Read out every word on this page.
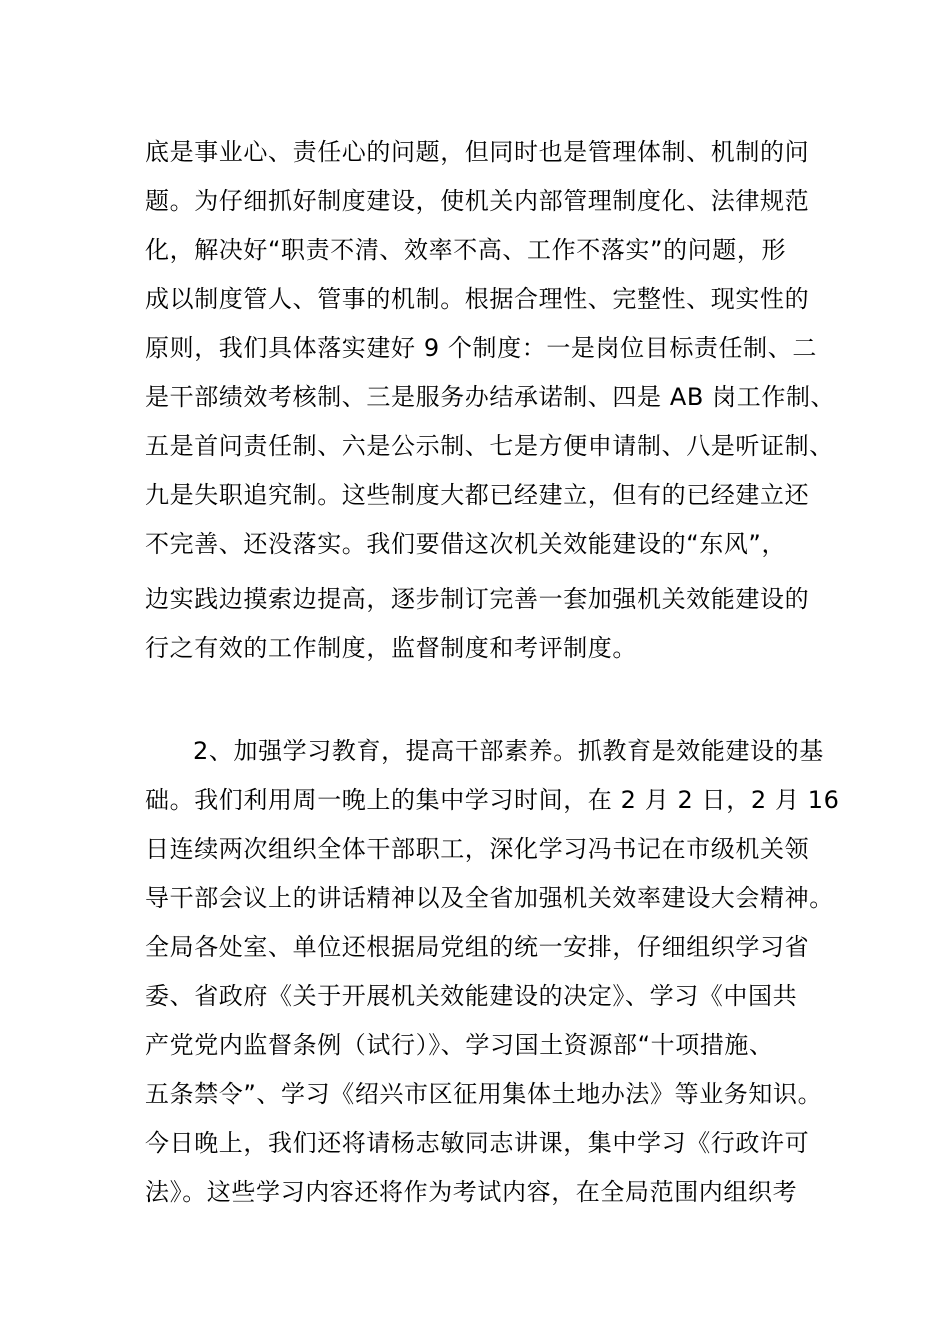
底是事业心、责任心的问题，但同时也是管理体制、机制的问
题。为仔细抓好制度建设，使机关内部管理制度化、法律规范
化，解决好“职责不清、效率不高、工作不落实”的问题，形
成以制度管人、管事的机制。根据合理性、完整性、现实性的
原则，我们具体落实建好 9 个制度：一是岗位目标责任制、二
是干部绩效考核制、三是服务办结承诺制、四是 AB 岗工作制、
五是首问责任制、六是公示制、七是方便申请制、八是听证制、
九是失职追究制。这些制度大都已经建立，但有的已经建立还
不完善、还没落实。我们要借这次机关效能建设的“东风”，
边实践边摸索边提高，逐步制订完善一套加强机关效能建设的
行之有效的工作制度，监督制度和考评制度。
2、加强学习教育，提高干部素养。抓教育是效能建设的基
础。我们利用周一晚上的集中学习时间，在 2 月 2 日，2 月 16
日连续两次组织全体干部职工，深化学习冯书记在市级机关领
导干部会议上的讲话精神以及全省加强机关效率建设大会精神。
全局各处室、单位还根据局党组的统一安排，仔细组织学习省
委、省政府《关于开展机关效能建设的决定》、学习《中国共
产党党内监督条例（试行）》、学习国土资源部“十项措施、
五条禁令”、学习《绍兴市区征用集体土地办法》等业务知识。
今日晚上，我们还将请杨志敏同志讲课，集中学习《行政许可
法》。这些学习内容还将作为考试内容，在全局范围内组织考
